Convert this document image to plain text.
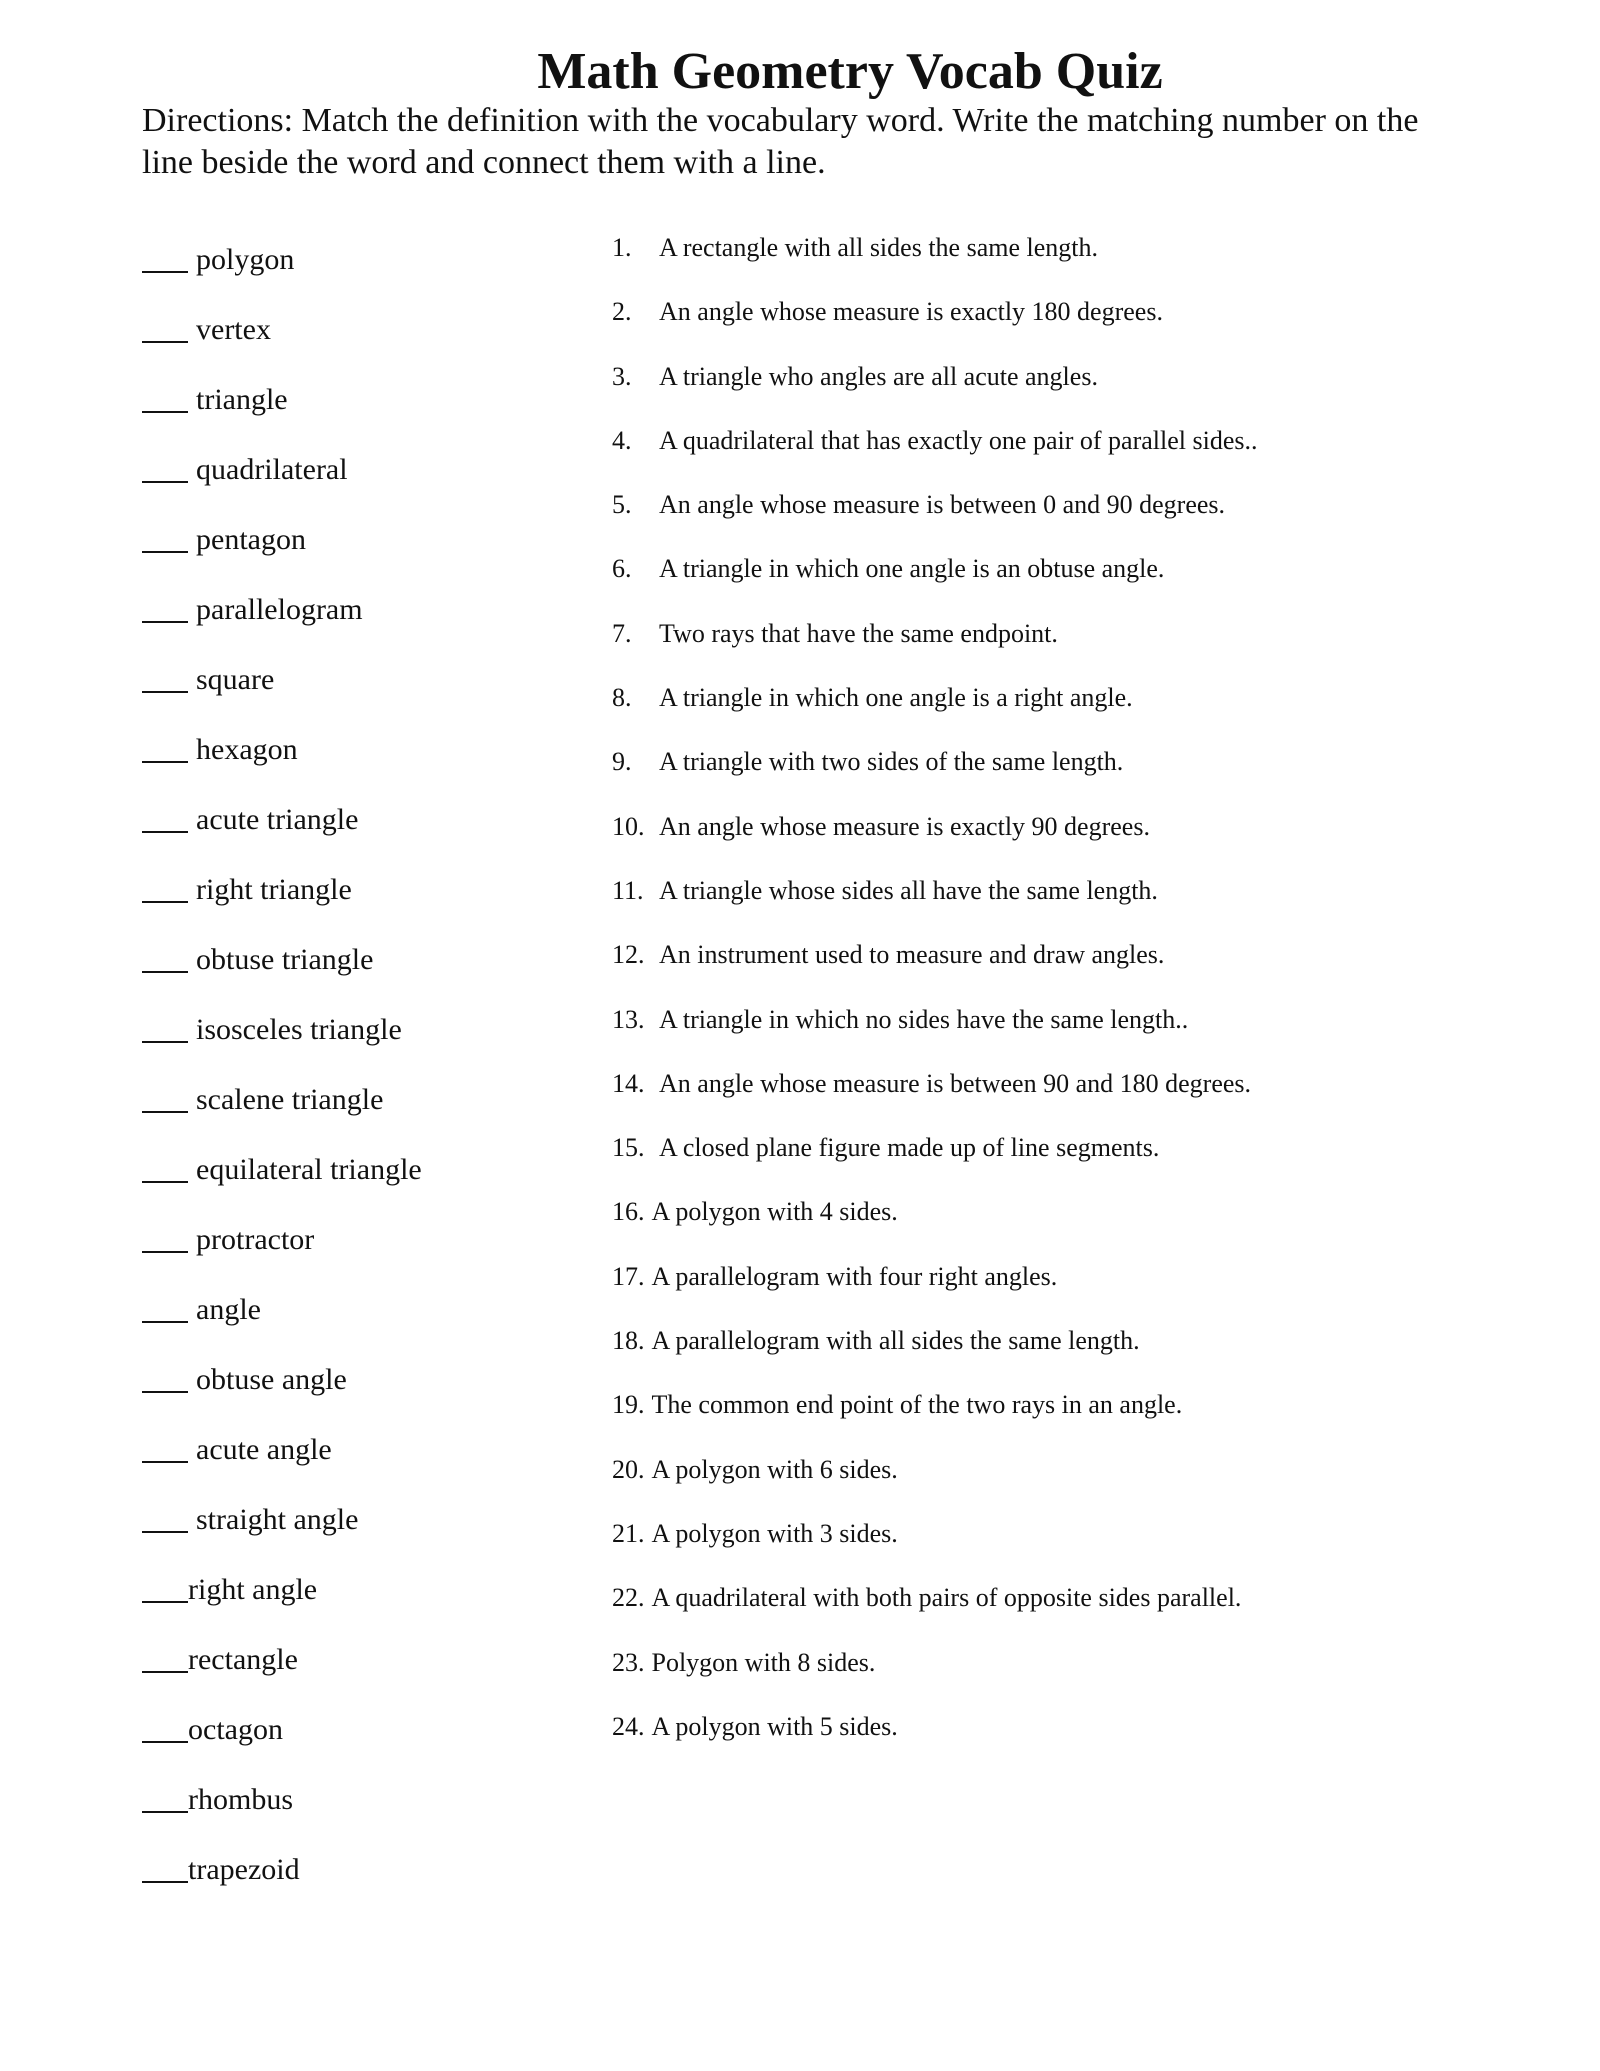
Math Geometry Vocab Quiz

Directions: Match the definition with the vocabulary word. Write the matching number on the line beside the word and connect them with a line.

polygon
vertex
triangle
quadrilateral
pentagon
parallelogram
square
hexagon
acute triangle
right triangle
obtuse triangle
isosceles triangle
scalene triangle
equilateral triangle
protractor
angle
obtuse angle
acute angle
straight angle
right angle
rectangle
octagon
rhombus
trapezoid
1.	A rectangle with all sides the same length.
2.	An angle whose measure is exactly 180 degrees.
3.	A triangle who angles are all acute angles.
4.	A quadrilateral that has exactly one pair of parallel sides..
5.	An angle whose measure is between 0 and 90 degrees.
6.	A triangle in which one angle is an obtuse angle.
7.	Two rays that have the same endpoint.
8.	A triangle in which one angle is a right angle.
9.	A triangle with two sides of the same length.
10. An angle whose measure is exactly 90 degrees.
11. A triangle whose sides all have the same length.
12. An instrument used to measure and draw angles.
13. A triangle in which no sides have the same length..
14. An angle whose measure is between 90 and 180 degrees.
15. A closed plane figure made up of line segments.
16. A polygon with 4 sides.
17. A parallelogram with four right angles.
18. A parallelogram with all sides the same length.
19. The common end point of the two rays in an angle.
20. A polygon with 6 sides.
21. A polygon with 3 sides.
22. A quadrilateral with both pairs of opposite sides parallel.
23. Polygon with 8 sides.
24. A polygon with 5 sides.
